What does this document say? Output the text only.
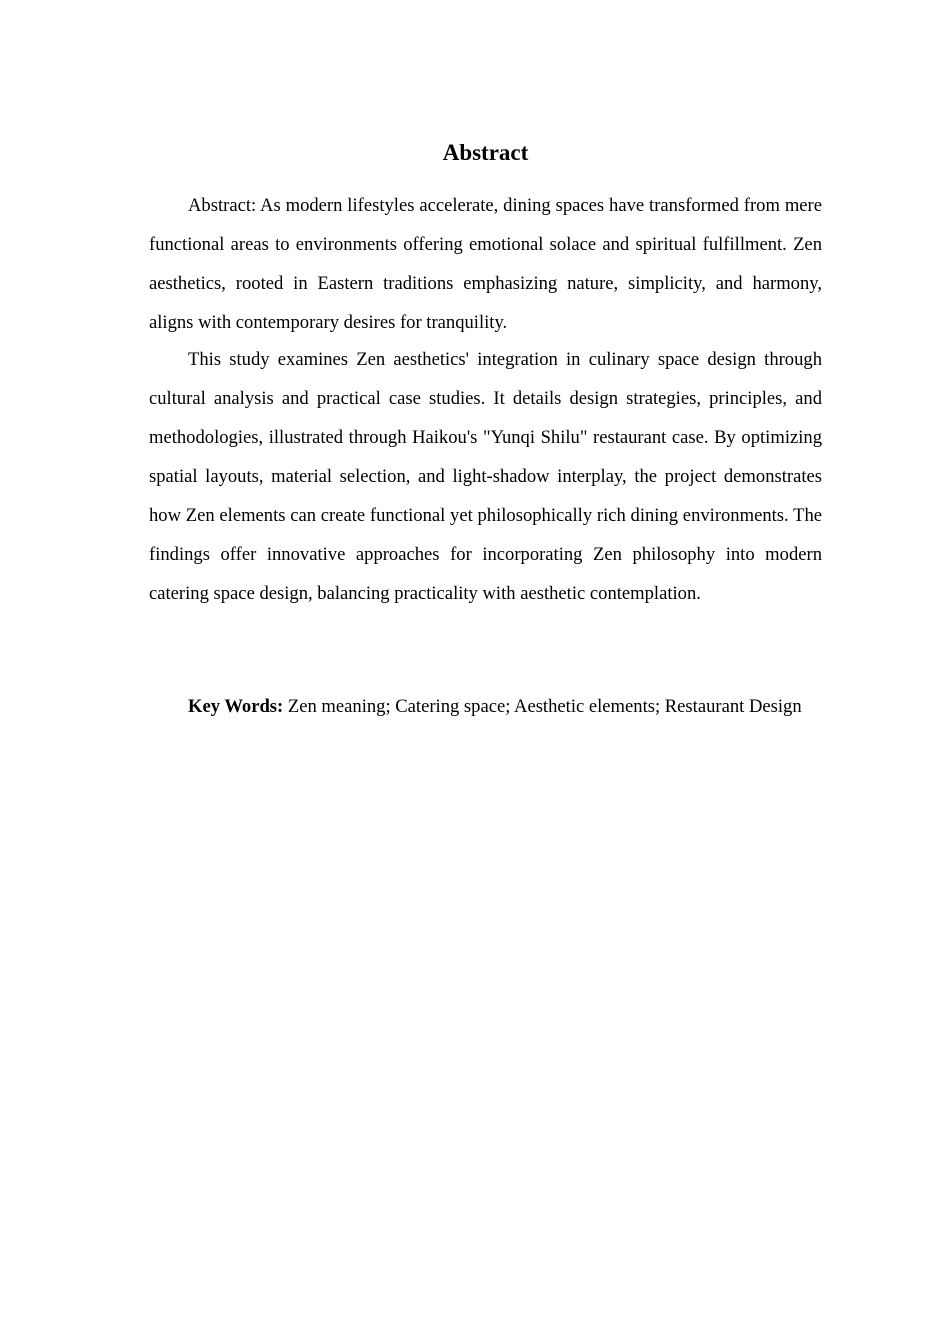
Abstract

Abstract: As modern lifestyles accelerate, dining spaces have transformed from mere functional areas to environments offering emotional solace and spiritual fulfillment. Zen aesthetics, rooted in Eastern traditions emphasizing nature, simplicity, and harmony, aligns with contemporary desires for tranquility.

This study examines Zen aesthetics' integration in culinary space design through cultural analysis and practical case studies. It details design strategies, principles, and methodologies, illustrated through Haikou's "Yunqi Shilu" restaurant case. By optimizing spatial layouts, material selection, and light-shadow interplay, the project demonstrates how Zen elements can create functional yet philosophically rich dining environments. The findings offer innovative approaches for incorporating Zen philosophy into modern catering space design, balancing practicality with aesthetic contemplation.

Key Words: Zen meaning; Catering space; Aesthetic elements; Restaurant Design
